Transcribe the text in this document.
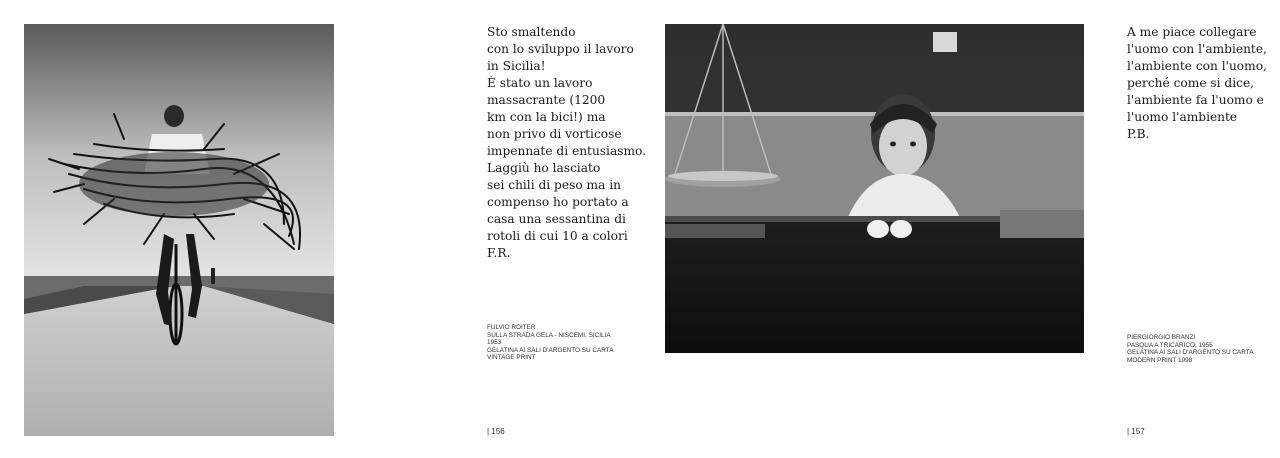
Sto smaltendo
con lo sviluppo il lavoro
in Sicilia!
È stato un lavoro
massacrante (1200
km con la bici!) ma
non privo di vorticose
impennate di entusiasmo.
Laggiù ho lasciato
sei chili di peso ma in
compenso ho portato a
casa una sessantina di
rotoli di cui 10 a colori
F.R.
FULVIO ROITER
SULLA STRADA GELA - NISCEMI, SICILIA
1953
GELATINA AI SALI D'ARGENTO SU CARTA
VINTAGE PRINT
| 156
A me piace collegare
l'uomo con l'ambiente,
l'ambiente con l'uomo,
perché come si dice,
l'ambiente fa l'uomo e
l'uomo l'ambiente
P.B.
PIERGIORGIO BRANZI
PASQUA A TRICARICO, 1955
GELATINA AI SALI D'ARGENTO SU CARTA
MODERN PRINT 1998
| 157
